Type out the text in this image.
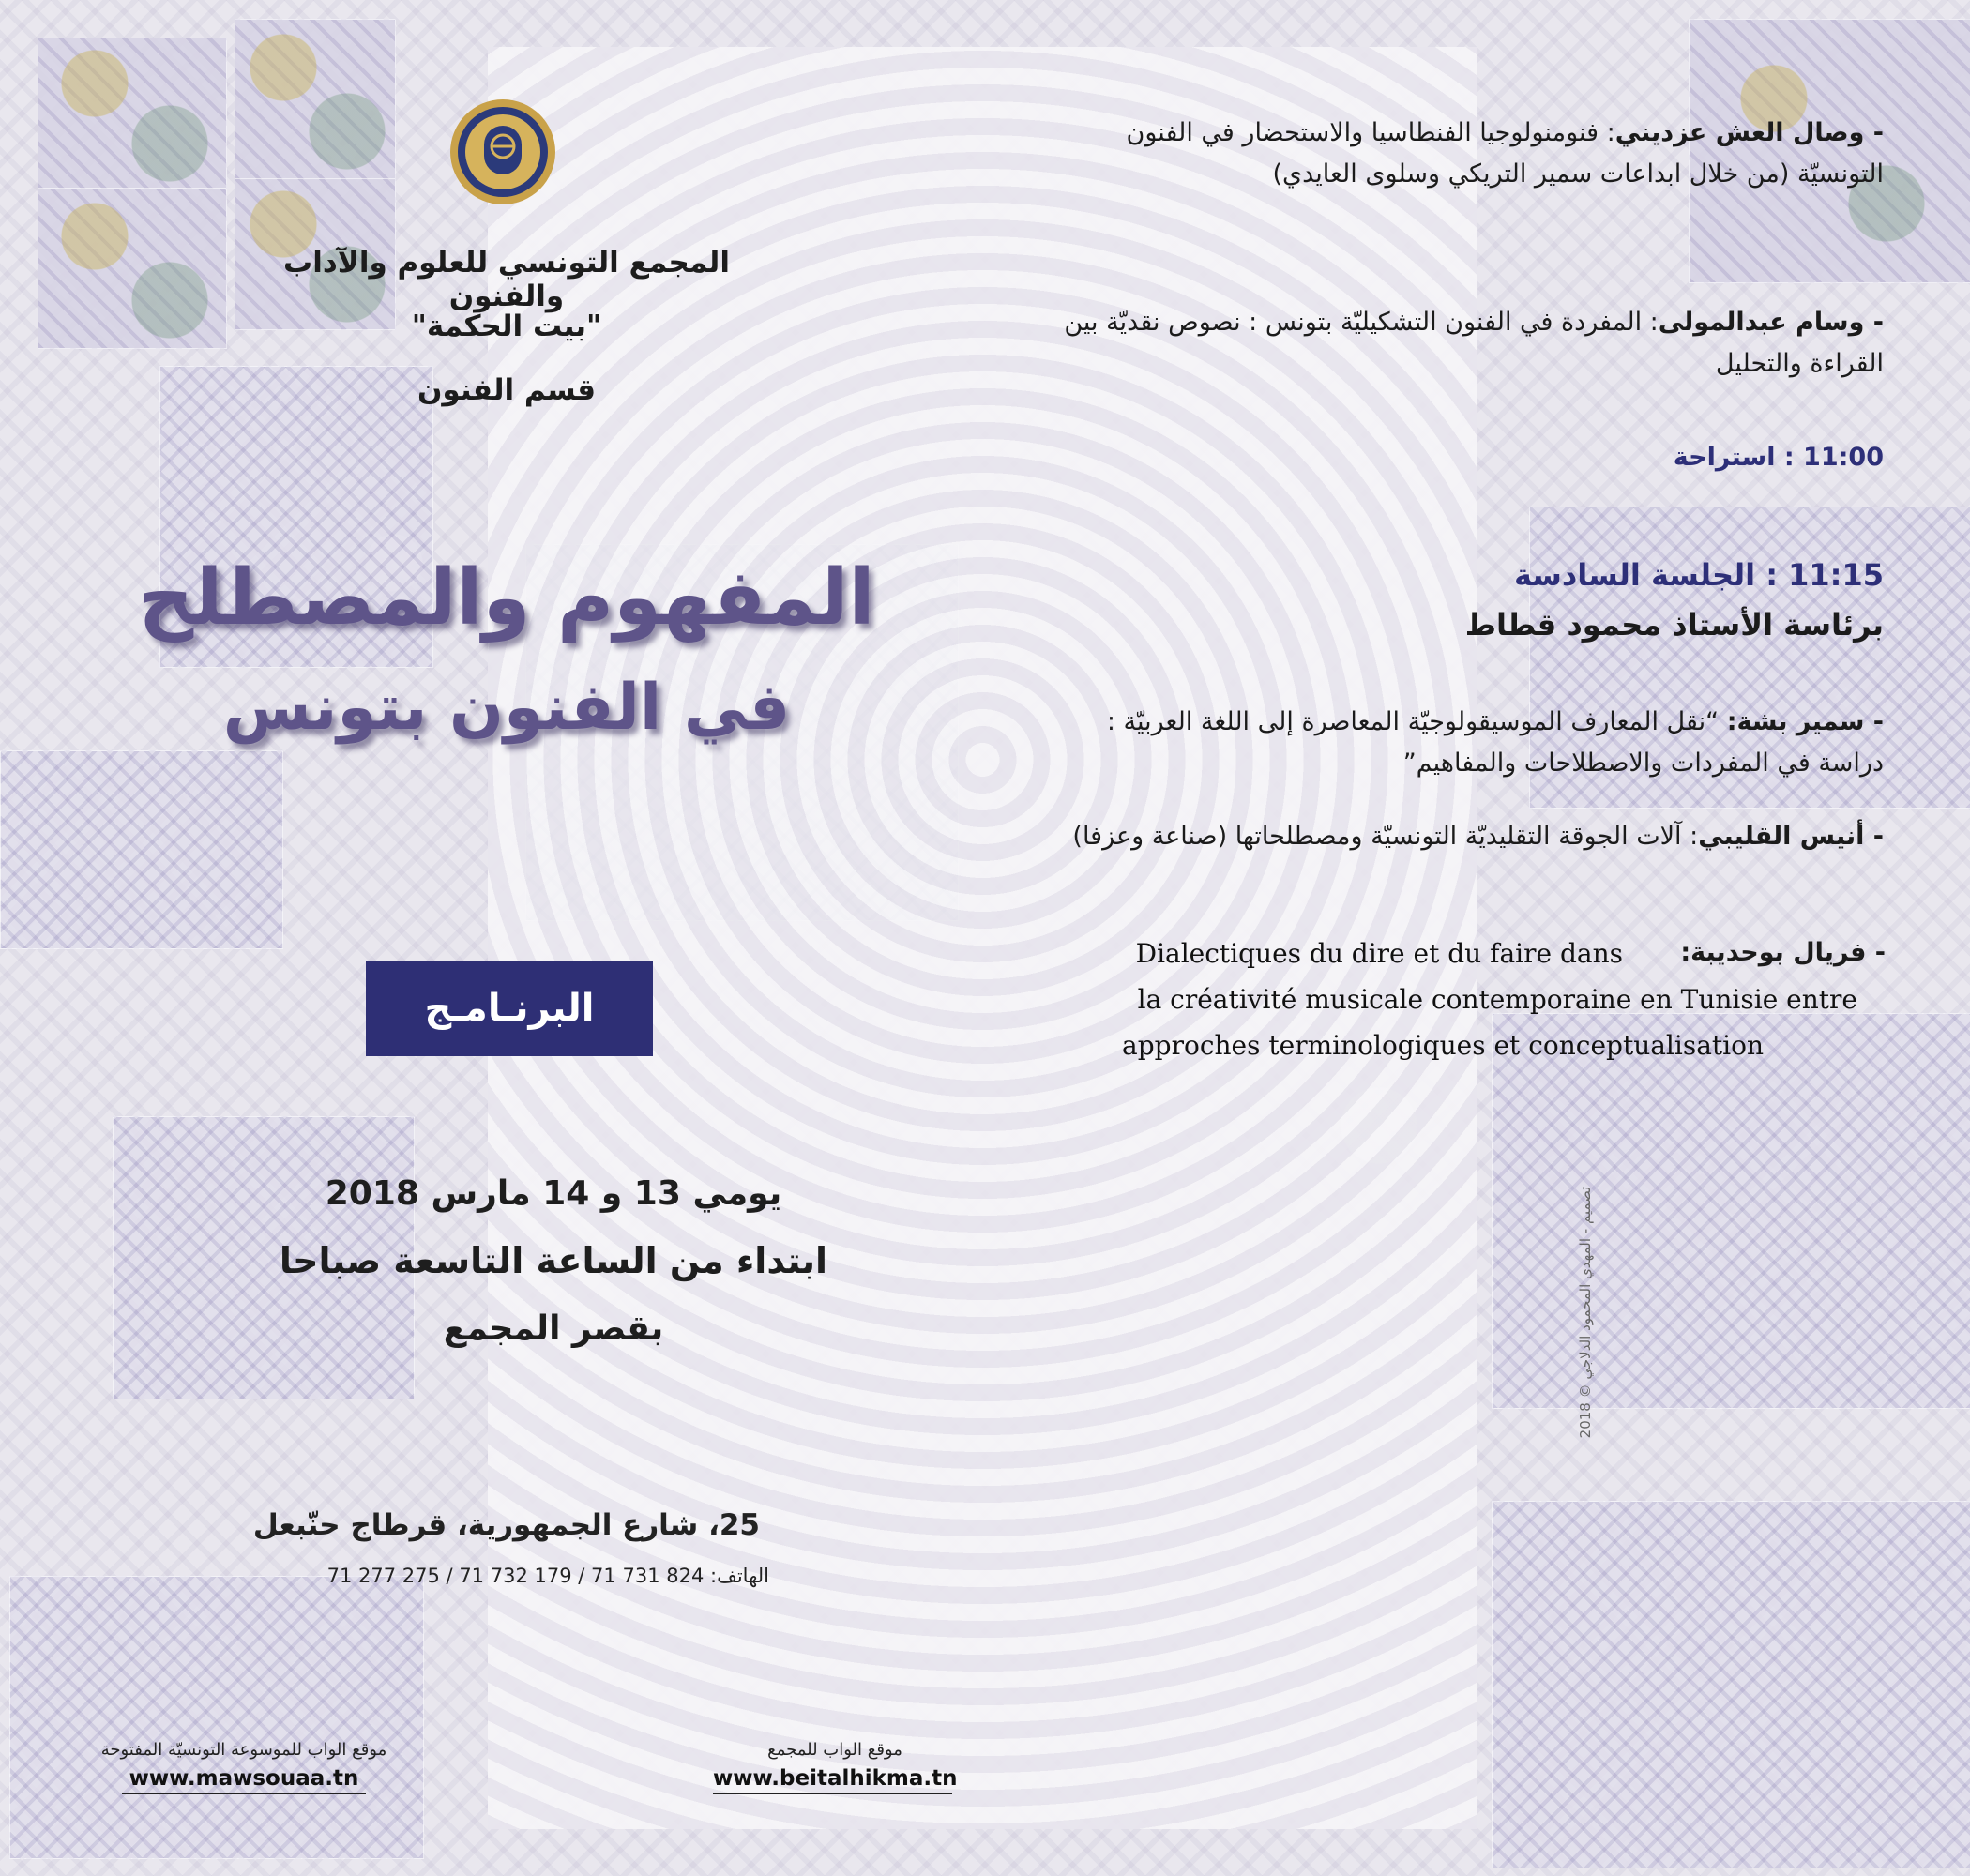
المجمع التونسي للعلوم والآداب والفنون
"بيت الحكمة"
قسم الفنون
المفهوم والمصطلح
في الفنون بتونس
البرنـامـج
يومي 13 و 14 مارس 2018
ابتداء من الساعة التاسعة صباحا
بقصر المجمع
25، شارع الجمهورية، قرطاج حنّبعل
الهاتف: 824 731 71 / 179 732 71 / 275 277 71
موقع الواب للموسوعة التونسيّة المفتوحة
www.mawsouaa.tn
موقع الواب للمجمع
www.beitalhikma.tn
- وصال العش عزديني: فنومنولوجيا الفنطاسيا والاستحضار في الفنون التونسيّة (من خلال ابداعات سمير التريكي وسلوى العايدي)
- وسام عبدالمولى: المفردة في الفنون التشكيليّة بتونس : نصوص نقديّة بين القراءة والتحليل
11:00 : استراحة
11:15 : الجلسة السادسة
برئاسة الأستاذ محمود قطاط
- سمير بشة: “نقل المعارف الموسيقولوجيّة المعاصرة إلى اللغة العربيّة : دراسة في المفردات والاصطلاحات والمفاهيم”
- أنيس القليبي: آلات الجوقة التقليديّة التونسيّة ومصطلحاتها (صناعة وعزفا)
- فريال بوحديبة:
Dialectiques du dire et du faire dans
la créativité musicale contemporaine en Tunisie entre
approches terminologiques et conceptualisation
تصميم - المهدي المحمود الدلاجي © 2018
